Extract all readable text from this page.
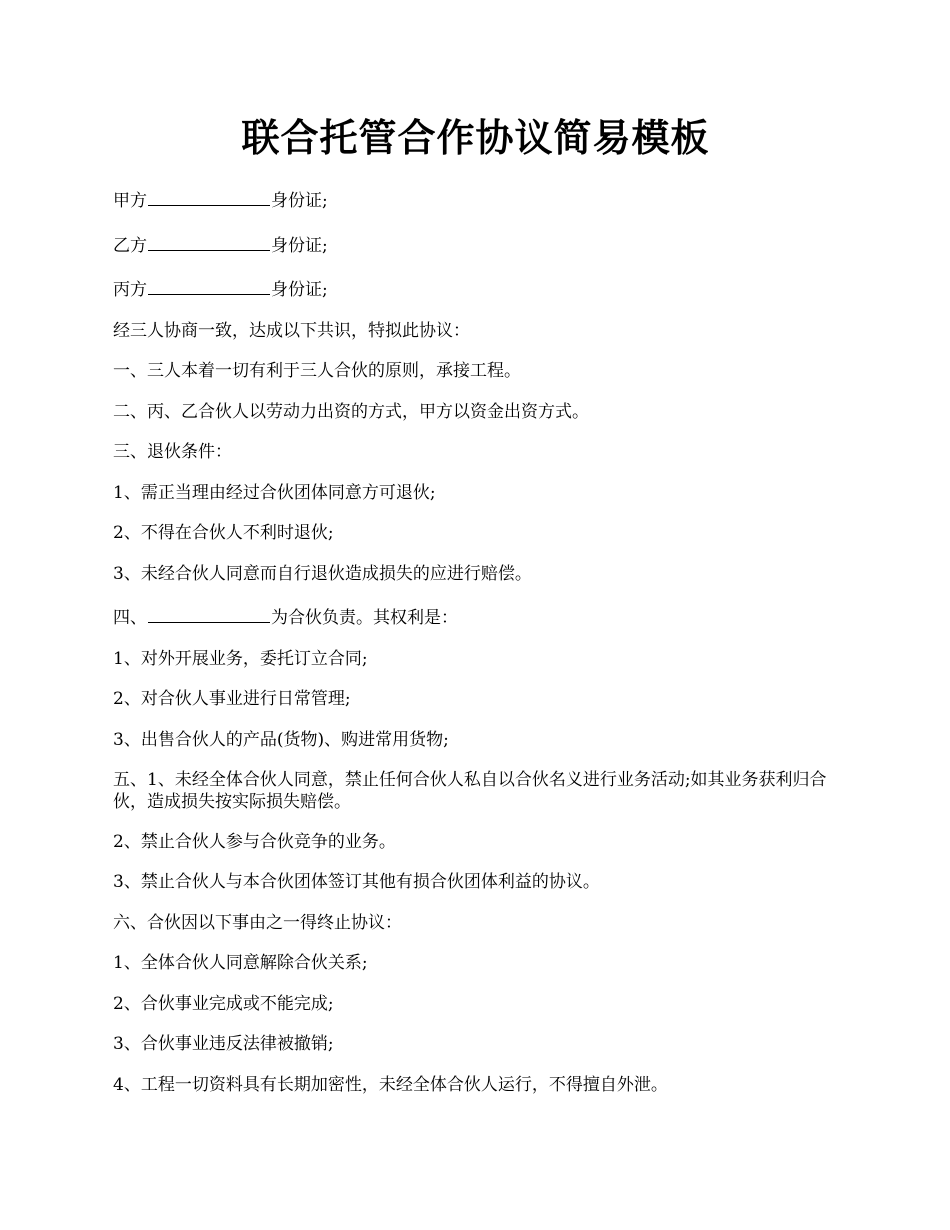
联合托管合作协议简易模板

甲方	身份证;

乙方	身份证;

丙方	身份证;

经三人协商一致，达成以下共识，特拟此协议：

一、三人本着一切有利于三人合伙的原则，承接工程。

二、丙、乙合伙人以劳动力出资的方式，甲方以资金出资方式。

三、退伙条件：

1、需正当理由经过合伙团体同意方可退伙;

2、不得在合伙人不利时退伙;

3、未经合伙人同意而自行退伙造成损失的应进行赔偿。

四、	为合伙负责。其权利是：

1、对外开展业务，委托订立合同;

2、对合伙人事业进行日常管理;

3、出售合伙人的产品(货物)、购进常用货物;

五、1、未经全体合伙人同意，禁止任何合伙人私自以合伙名义进行业务活动;如其业务获利归合伙，造成损失按实际损失赔偿。

2、禁止合伙人参与合伙竞争的业务。

3、禁止合伙人与本合伙团体签订其他有损合伙团体利益的协议。

六、合伙因以下事由之一得终止协议：

1、全体合伙人同意解除合伙关系;

2、合伙事业完成或不能完成;

3、合伙事业违反法律被撤销;

4、工程一切资料具有长期加密性，未经全体合伙人运行，不得擅自外泄。
